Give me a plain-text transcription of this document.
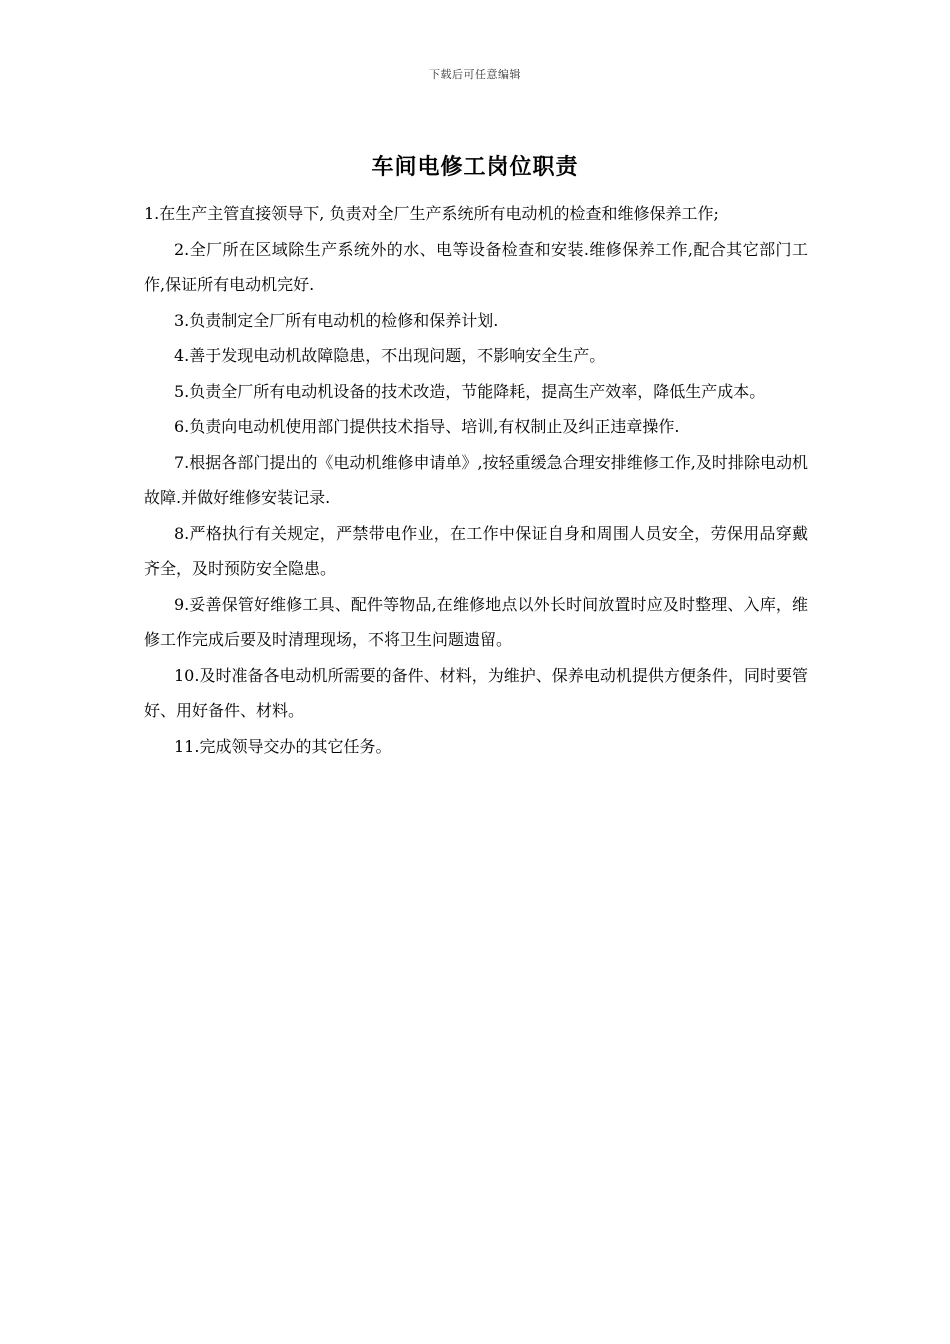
下载后可任意编辑
车间电修工岗位职责

1.在生产主管直接领导下, 负责对全厂生产系统所有电动机的检查和维修保养工作;

2.全厂所在区域除生产系统外的水、电等设备检查和安装.维修保养工作,配合其它部门工作,保证所有电动机完好.

3.负责制定全厂所有电动机的检修和保养计划.

4.善于发现电动机故障隐患，不出现问题，不影响安全生产。

5.负责全厂所有电动机设备的技术改造，节能降耗，提高生产效率，降低生产成本。

6.负责向电动机使用部门提供技术指导、培训,有权制止及纠正违章操作.

7.根据各部门提出的《电动机维修申请单》,按轻重缓急合理安排维修工作,及时排除电动机故障.并做好维修安装记录.

8.严格执行有关规定，严禁带电作业，在工作中保证自身和周围人员安全，劳保用品穿戴齐全，及时预防安全隐患。

9.妥善保管好维修工具、配件等物品,在维修地点以外长时间放置时应及时整理、入库，维修工作完成后要及时清理现场，不将卫生问题遗留。

10.及时准备各电动机所需要的备件、材料，为维护、保养电动机提供方便条件，同时要管好、用好备件、材料。

11.完成领导交办的其它任务。
